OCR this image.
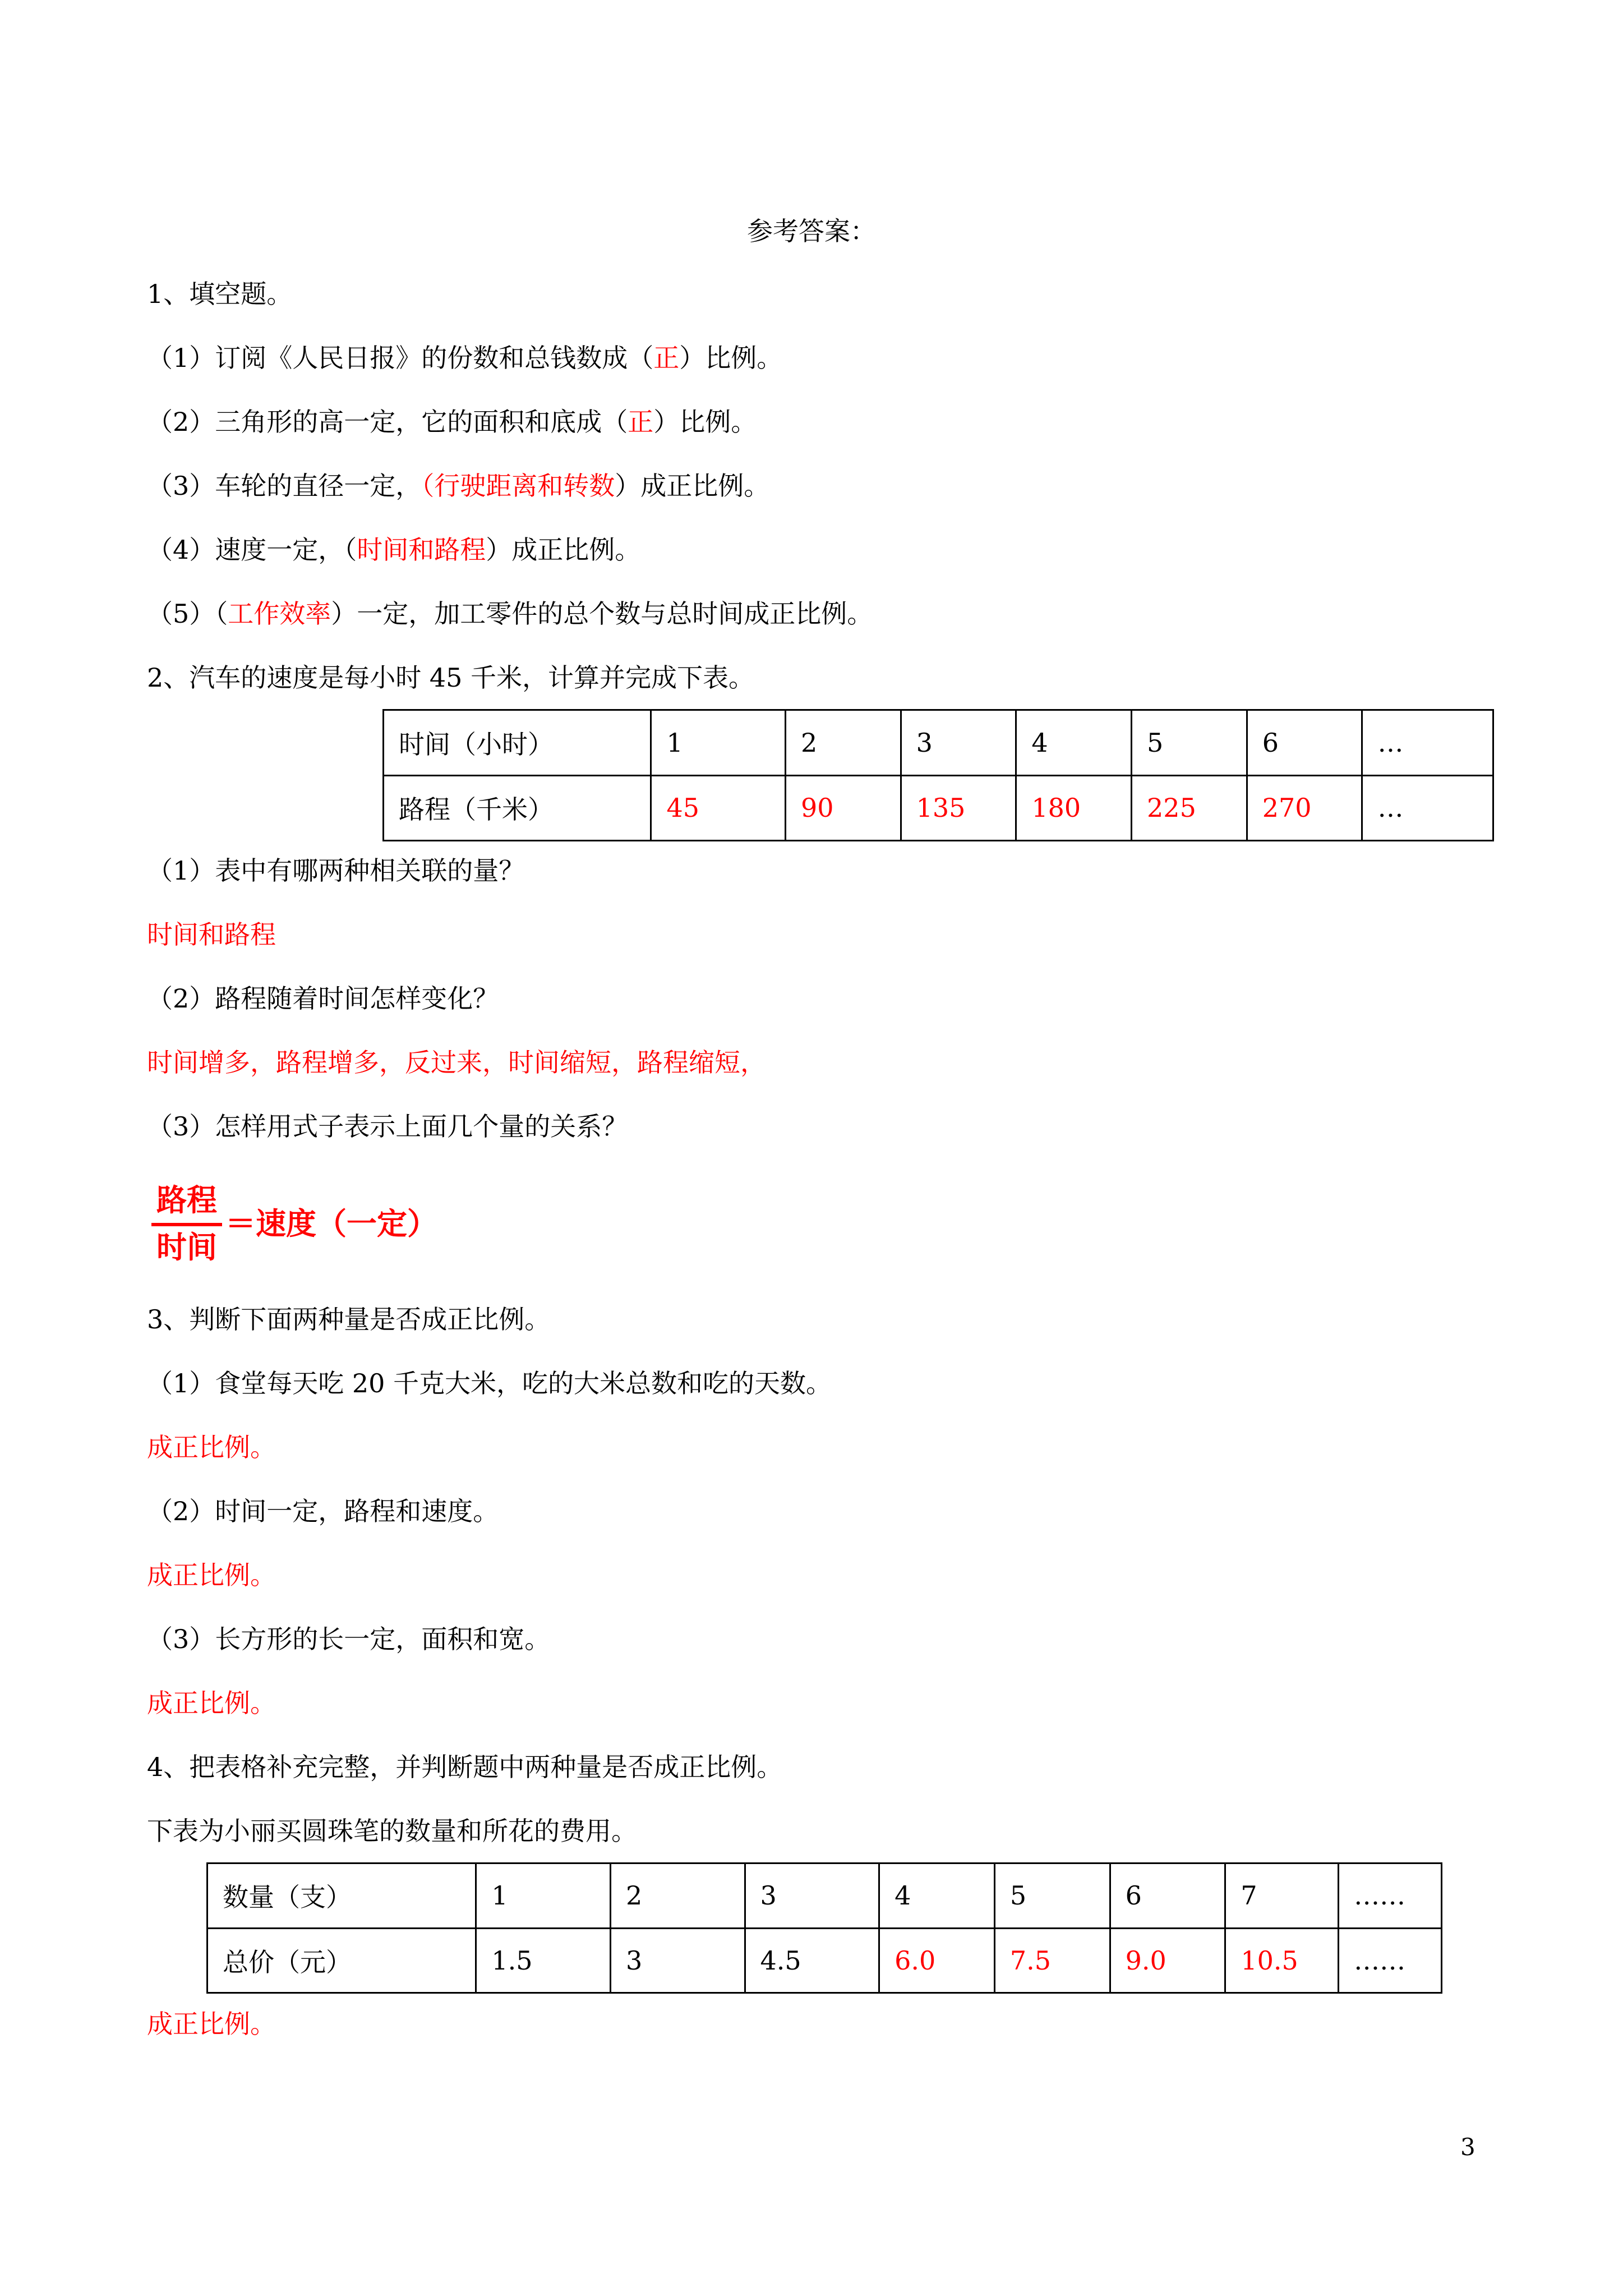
参考答案：
1、填空题。
（1）订阅《人民日报》的份数和总钱数成（正）比例。
（2）三角形的高一定，它的面积和底成（正）比例。
（3）车轮的直径一定，（行驶距离和转数）成正比例。
（4）速度一定，（时间和路程）成正比例。
（5）（工作效率）一定，加工零件的总个数与总时间成正比例。
2、汽车的速度是每小时 45 千米，计算并完成下表。
时间（小时）	1	2	3	4	5	6	…
路程（千米）	45	90	135	180	225	270	…
（1）表中有哪两种相关联的量？
时间和路程
（2）路程随着时间怎样变化？
时间增多，路程增多，反过来，时间缩短，路程缩短，
（3）怎样用式子表示上面几个量的关系？
路程
时间
＝速度（一定）
3、判断下面两种量是否成正比例。
（1）食堂每天吃 20 千克大米，吃的大米总数和吃的天数。
成正比例。
（2）时间一定，路程和速度。
成正比例。
（3）长方形的长一定，面积和宽。
成正比例。
4、把表格补充完整，并判断题中两种量是否成正比例。
下表为小丽买圆珠笔的数量和所花的费用。
数量（支）	1	2	3	4	5	6	7	……
总价（元）	1.5	3	4.5	6.0	7.5	9.0	10.5	……
成正比例。
3
